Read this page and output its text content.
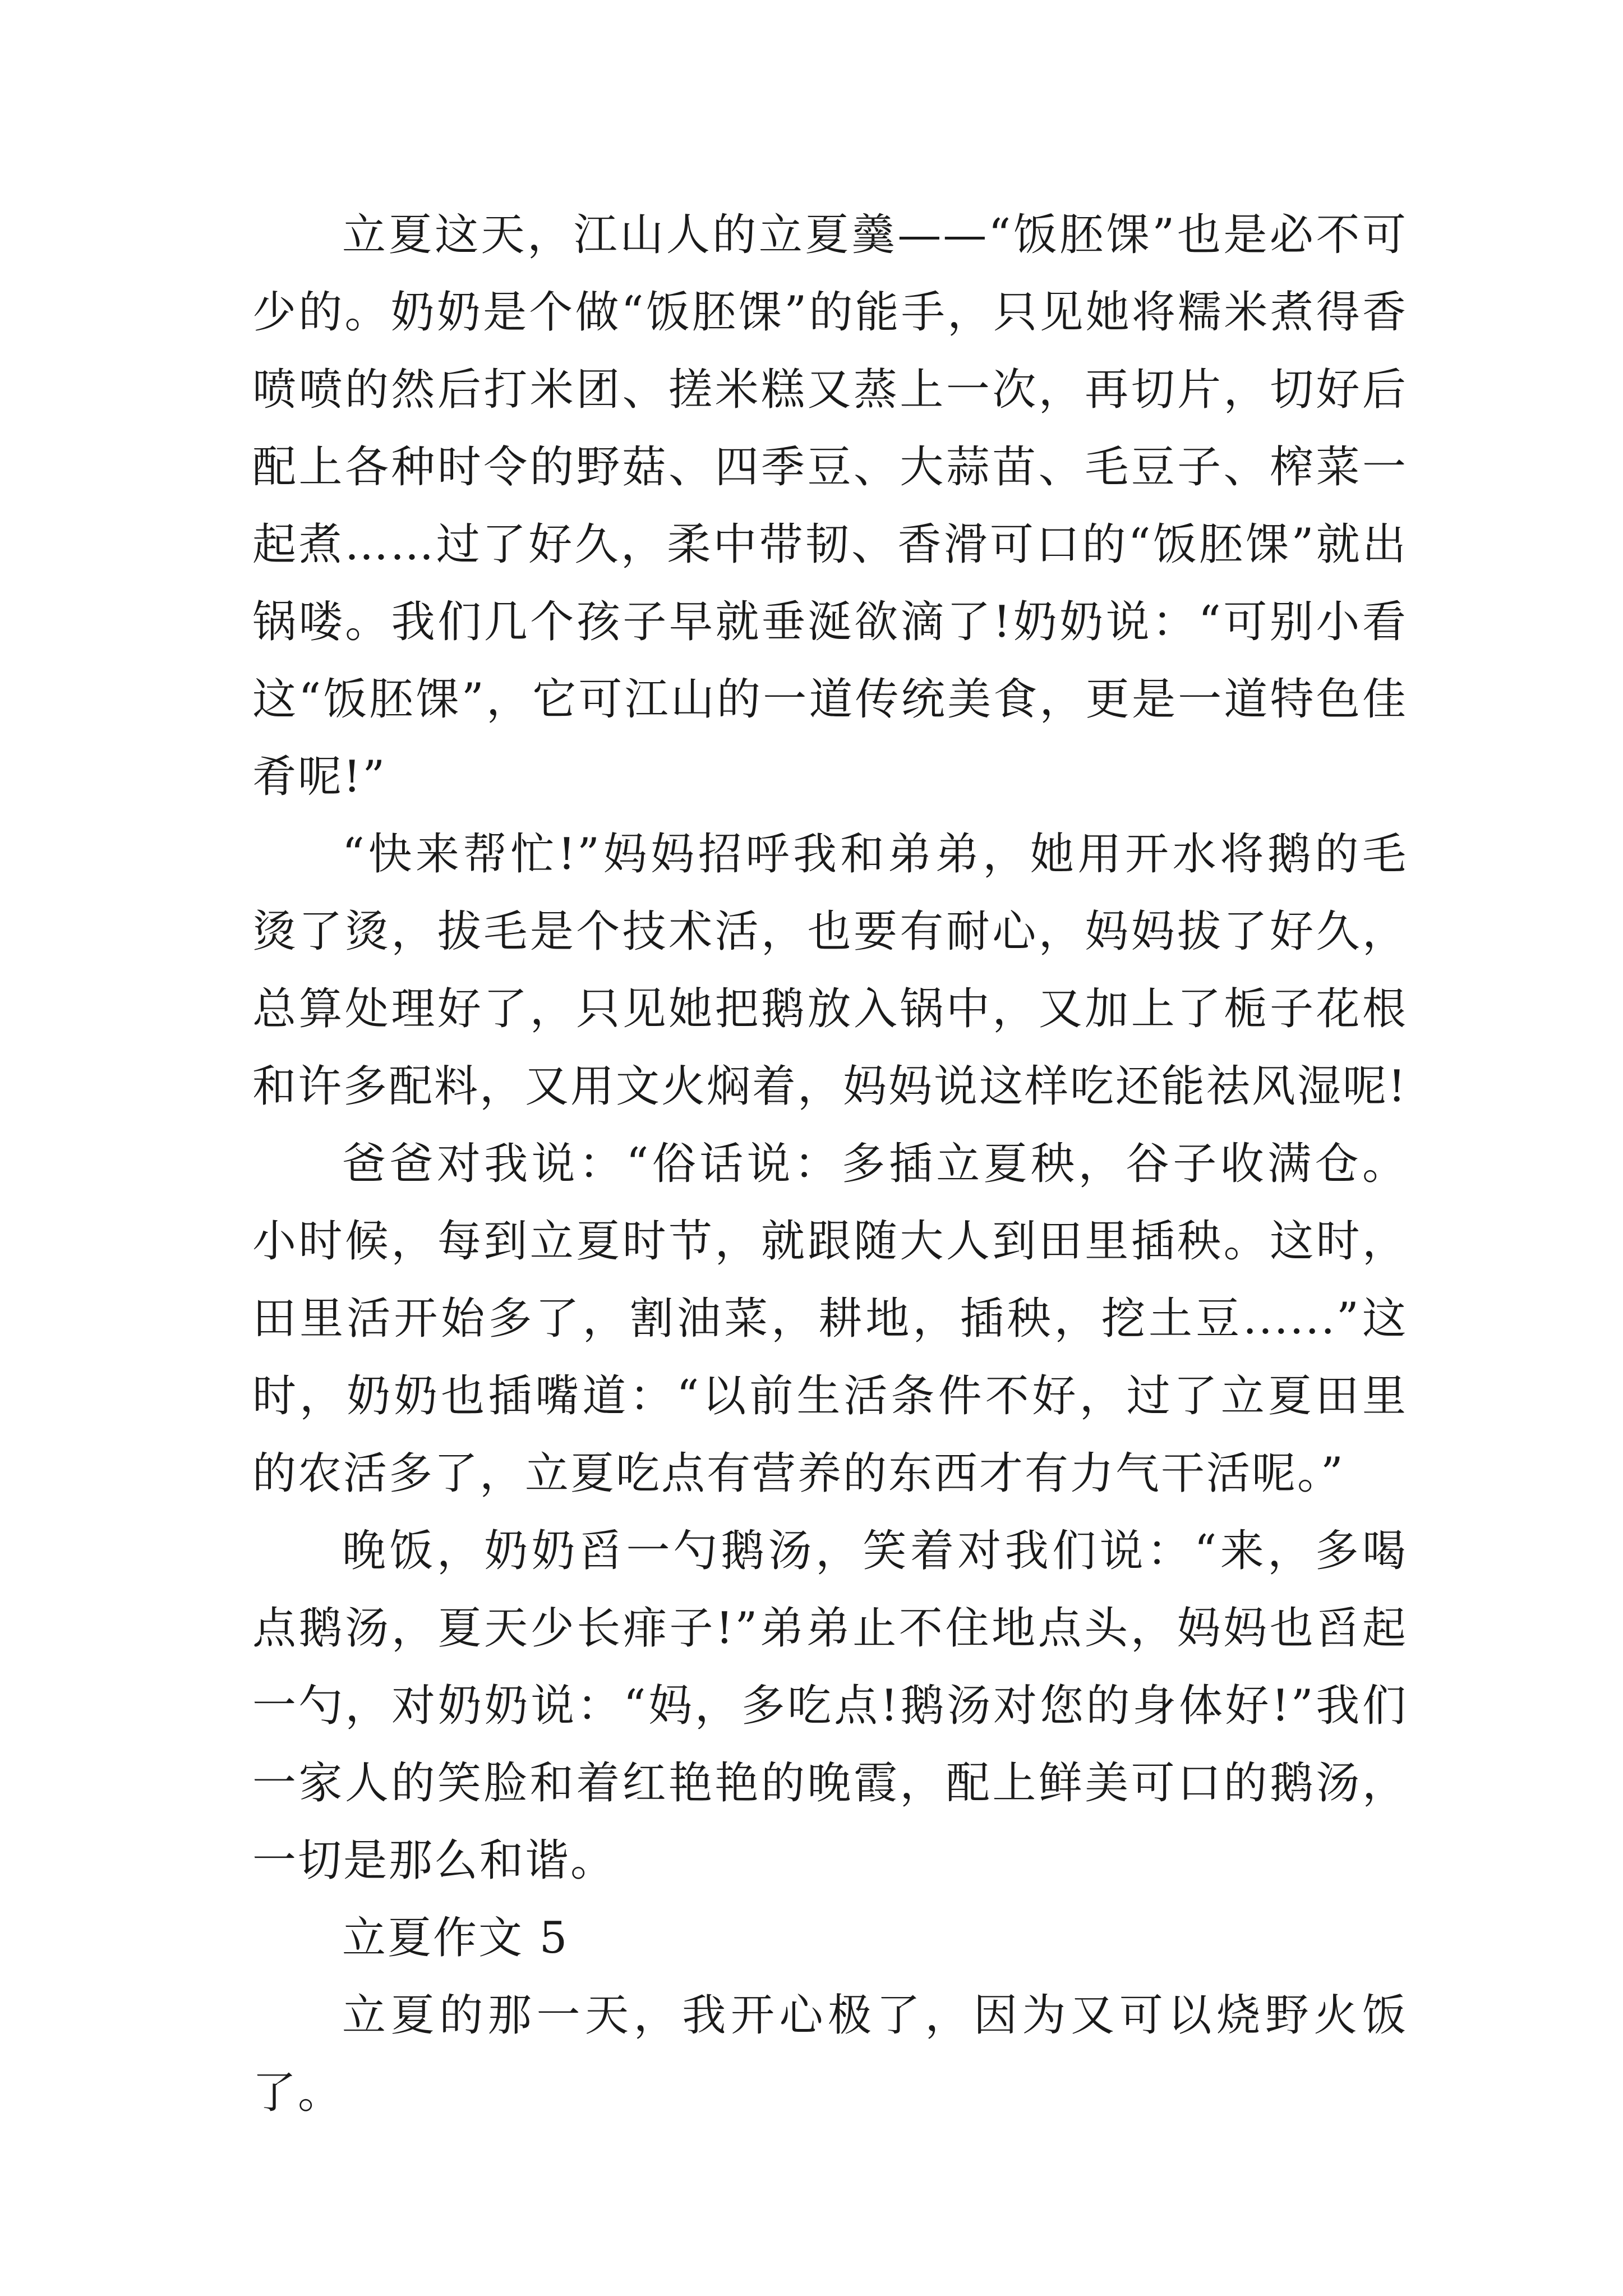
立夏这天，江山人的立夏羹——“饭胚馃”也是必不可少的。奶奶是个做“饭胚馃”的能手，只见她将糯米煮得香喷喷的然后打米团、搓米糕又蒸上一次，再切片，切好后配上各种时令的野菇、四季豆、大蒜苗、毛豆子、榨菜一起煮……过了好久，柔中带韧、香滑可口的“饭胚馃”就出锅喽。我们几个孩子早就垂涎欲滴了!奶奶说：“可别小看这“饭胚馃”，它可江山的一道传统美食，更是一道特色佳肴呢!”

“快来帮忙!”妈妈招呼我和弟弟，她用开水将鹅的毛烫了烫，拔毛是个技术活，也要有耐心，妈妈拔了好久，总算处理好了，只见她把鹅放入锅中，又加上了栀子花根和许多配料，又用文火焖着，妈妈说这样吃还能祛风湿呢!

爸爸对我说：“俗话说：多插立夏秧，谷子收满仓。小时候，每到立夏时节，就跟随大人到田里插秧。这时，田里活开始多了，割油菜，耕地，插秧，挖土豆......”这时，奶奶也插嘴道：“以前生活条件不好，过了立夏田里的农活多了，立夏吃点有营养的东西才有力气干活呢。”

晚饭，奶奶舀一勺鹅汤，笑着对我们说：“来，多喝点鹅汤，夏天少长痱子!”弟弟止不住地点头，妈妈也舀起一勺，对奶奶说：“妈，多吃点!鹅汤对您的身体好!”我们一家人的笑脸和着红艳艳的晚霞，配上鲜美可口的鹅汤，一切是那么和谐。

立夏作文 5

立夏的那一天，我开心极了，因为又可以烧野火饭了。
